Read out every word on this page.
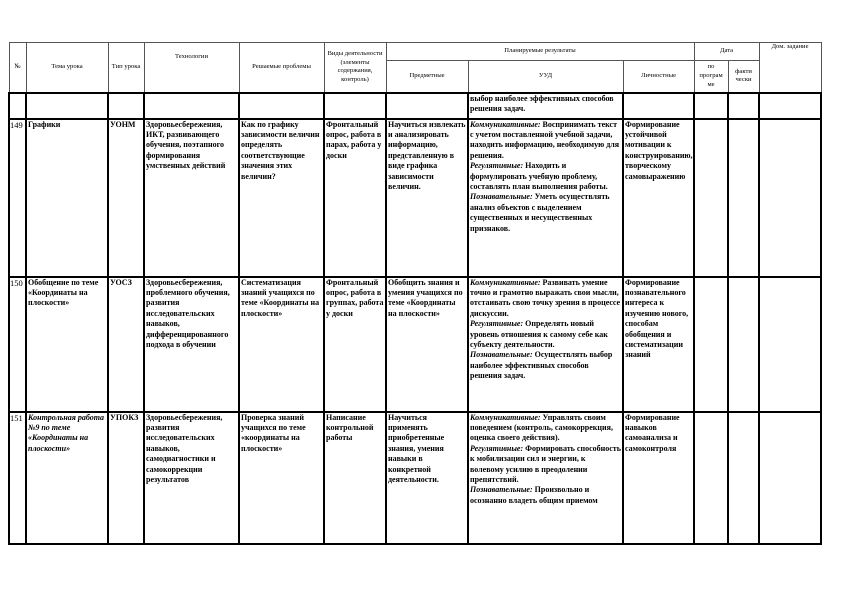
№	Тема урока	Тип урока	Технологии	Решаемые проблемы	Виды деятельности (элементы содержания, контроль)	Планируемые результаты			Дата		Дом. задание
						Предметные	УУД	Личностные	по програм ме	факти чески	
							выбор наиболее эффективных способов решения задач.				
149	Графики	УОНМ	Здоровьесбережения, ИКТ, развивающего обучения, поэтапного формирования умственных действий	Как по графику зависимости величин определять соответствующие значения этих величин?	Фронтальный опрос, работа в парах, работа у доски	Научиться извлекать и анализировать информацию, представленную в виде графика зависимости величин.	Коммуникативные: Воспринимать текст с учетом поставленной учебной задачи, находить информацию, необходимую для решения.
Регулятивные: Находить и формулировать учебную проблему, составлять план выполнения работы.
Познавательные: Уметь осуществлять анализ объектов с выделением существенных и несущественных признаков.	Формирование устойчивой мотивации к конструированию, творческому самовыражению			
150	Обобщение по теме «Координаты на плоскости»	УОСЗ	Здоровьесбережения, проблемного обучения, развития исследовательских навыков, дифференцированного подхода в обучении	Систематизация знаний учащихся по теме «Координаты на плоскости»	Фронтальный опрос, работа в группах, работа у доски	Обобщить знания и умения учащихся по теме «Координаты на плоскости»	Коммуникативные: Развивать умение точно и грамотно выражать свои мысли, отстаивать свою точку зрения в процессе дискуссии.
Регулятивные: Определять новый уровень отношения к самому себе как субъекту деятельности.
Познавательные: Осуществлять выбор наиболее эффективных способов решения задач.	Формирование познавательного интереса к изучению нового, способам обобщения и систематизации знаний			
151	Контрольная работа №9 по теме «Координаты на плоскости»	УПОКЗ	Здоровьесбережения, развития исследовательских навыков, самодиагностики и самокоррекции результатов	Проверка знаний учащихся по теме «координаты на плоскости»	Написание контрольной работы	Научиться применять приобретенные знания, умения навыки в конкретной деятельности.	Коммуникативные: Управлять своим поведением (контроль, самокоррекция, оценка своего действия).
Регулятивные: Формировать способность к мобилизации сил и энергии, к волевому усилию в преодолении препятствий.
Познавательные: Произвольно и осознанно владеть общим приемом	Формирование навыков самоанализа и самоконтроля			
